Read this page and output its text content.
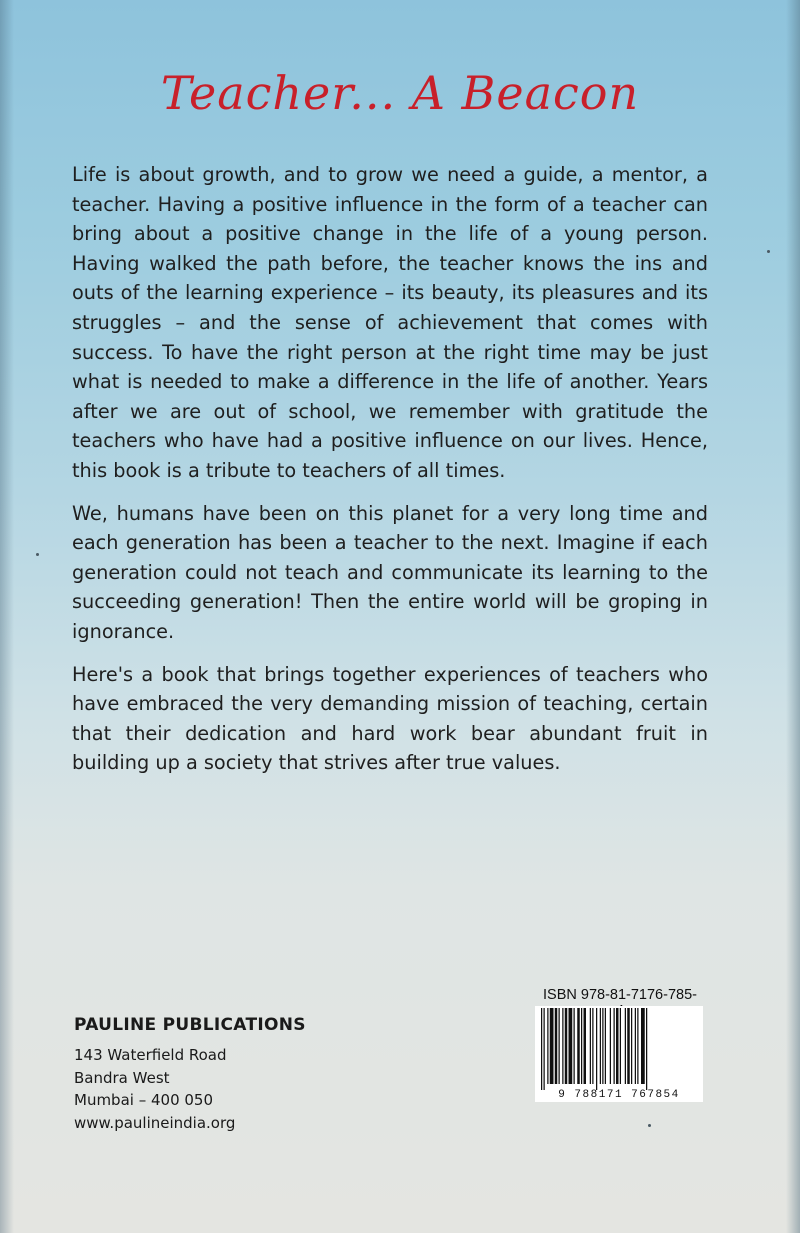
Teacher... A Beacon

Life is about growth, and to grow we need a guide, a mentor, a teacher. Having a positive influence in the form of a teacher can bring about a positive change in the life of a young person. Having walked the path before, the teacher knows the ins and outs of the learning experience – its beauty, its pleasures and its struggles – and the sense of achievement that comes with success. To have the right person at the right time may be just what is needed to make a difference in the life of another. Years after we are out of school, we remember with gratitude the teachers who have had a positive influence on our lives. Hence, this book is a tribute to teachers of all times.

We, humans have been on this planet for a very long time and each generation has been a teacher to the next. Imagine if each generation could not teach and communicate its learning to the succeeding generation! Then the entire world will be groping in ignorance.

Here's a book that brings together experiences of teachers who have embraced the very demanding mission of teaching, certain that their dedication and hard work bear abundant fruit in building up a society that strives after true values.

PAULINE PUBLICATIONS
143 Waterfield Road
Bandra West
Mumbai – 400 050
www.paulineindia.org
ISBN 978-81-7176-785-
9 788171 767854
